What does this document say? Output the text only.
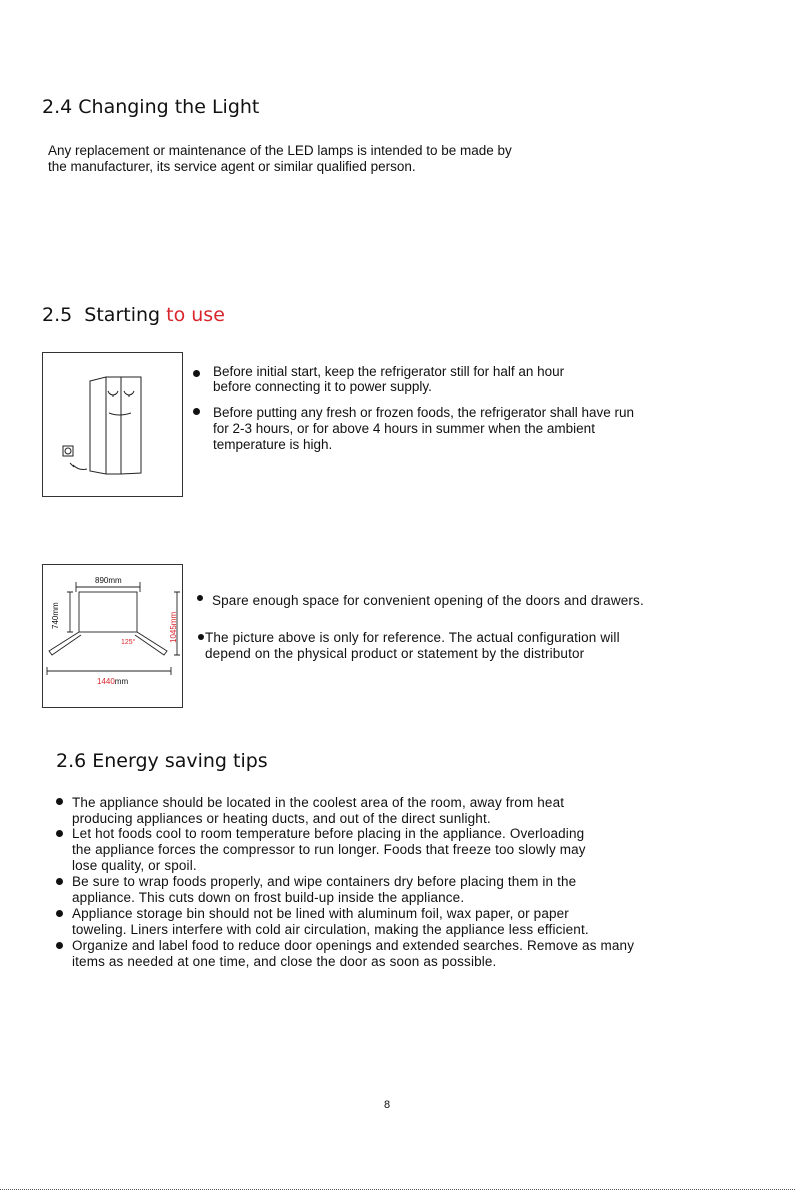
2.4 Changing the Light
Any replacement or maintenance of the LED lamps is intended to be made by
the manufacturer, its service agent or similar qualified person.
2.5  Starting to use
Before initial start, keep the refrigerator still for half an hour
before connecting it to power supply.
Before putting any fresh or frozen foods, the refrigerator shall have run
for 2-3 hours, or for above 4 hours in summer when the ambient
temperature is high.
890mm
740mm	1045mm
125°
1440mm
Spare enough space for convenient opening of the doors and drawers.
The picture above is only for reference. The actual configuration will
depend on the physical product or statement by the distributor
2.6 Energy saving tips
The appliance should be located in the coolest area of the room, away from heat
producing appliances or heating ducts, and out of the direct sunlight.
Let hot foods cool to room temperature before placing in the appliance. Overloading
the appliance forces the compressor to run longer. Foods that freeze too slowly may
lose quality, or spoil.
Be sure to wrap foods properly, and wipe containers dry before placing them in the
appliance. This cuts down on frost build-up inside the appliance.
Appliance storage bin should not be lined with aluminum foil, wax paper, or paper
toweling. Liners interfere with cold air circulation, making the appliance less efficient.
Organize and label food to reduce door openings and extended searches. Remove as many
items as needed at one time, and close the door as soon as possible.
8
